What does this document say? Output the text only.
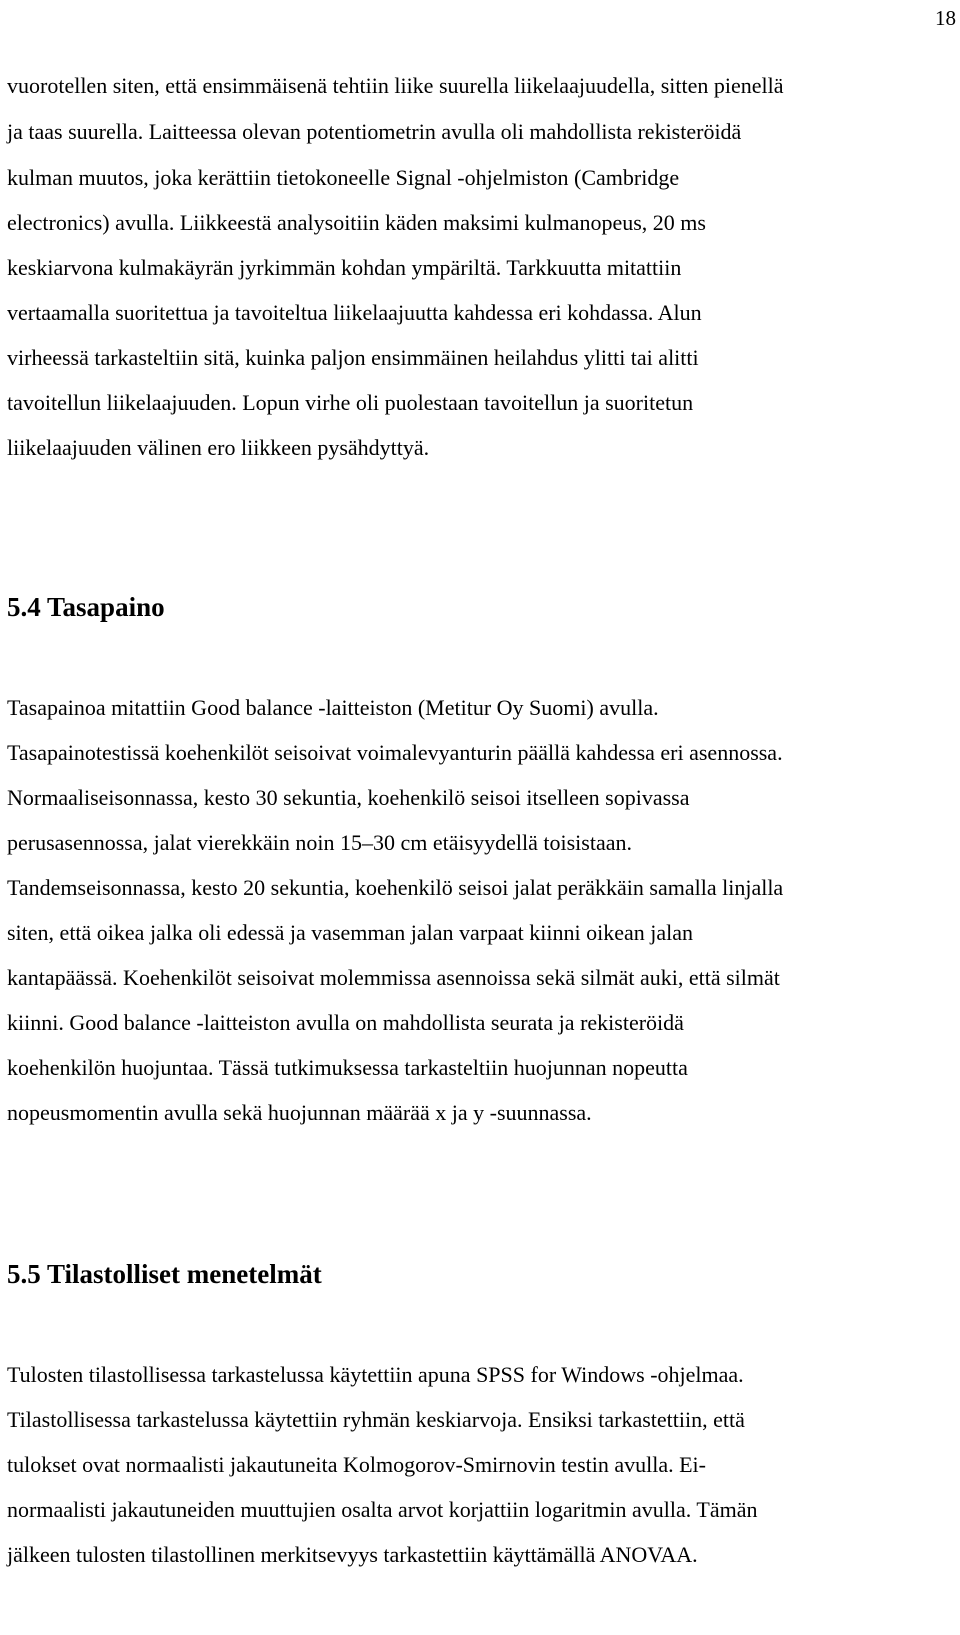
18
vuorotellen siten, että ensimmäisenä tehtiin liike suurella liikelaajuudella, sitten pienellä
ja taas suurella. Laitteessa olevan potentiometrin avulla oli mahdollista rekisteröidä
kulman muutos, joka kerättiin tietokoneelle Signal -ohjelmiston (Cambridge
electronics) avulla. Liikkeestä analysoitiin käden maksimi kulmanopeus, 20 ms
keskiarvona kulmakäyrän jyrkimmän kohdan ympäriltä. Tarkkuutta mitattiin
vertaamalla suoritettua ja tavoiteltua liikelaajuutta kahdessa eri kohdassa. Alun
virheessä tarkasteltiin sitä, kuinka paljon ensimmäinen heilahdus ylitti tai alitti
tavoitellun liikelaajuuden. Lopun virhe oli puolestaan tavoitellun ja suoritetun
liikelaajuuden välinen ero liikkeen pysähdyttyä.
5.4 Tasapaino
Tasapainoa mitattiin Good balance -laitteiston (Metitur Oy Suomi) avulla.
Tasapainotestissä koehenkilöt seisoivat voimalevyanturin päällä kahdessa eri asennossa.
Normaaliseisonnassa, kesto 30 sekuntia, koehenkilö seisoi itselleen sopivassa
perusasennossa, jalat vierekkäin noin 15–30 cm etäisyydellä toisistaan.
Tandemseisonnassa, kesto 20 sekuntia, koehenkilö seisoi jalat peräkkäin samalla linjalla
siten, että oikea jalka oli edessä ja vasemman jalan varpaat kiinni oikean jalan
kantapäässä. Koehenkilöt seisoivat molemmissa asennoissa sekä silmät auki, että silmät
kiinni. Good balance -laitteiston avulla on mahdollista seurata ja rekisteröidä
koehenkilön huojuntaa. Tässä tutkimuksessa tarkasteltiin huojunnan nopeutta
nopeusmomentin avulla sekä huojunnan määrää x ja y -suunnassa.
5.5 Tilastolliset menetelmät
Tulosten tilastollisessa tarkastelussa käytettiin apuna SPSS for Windows -ohjelmaa.
Tilastollisessa tarkastelussa käytettiin ryhmän keskiarvoja. Ensiksi tarkastettiin, että
tulokset ovat normaalisti jakautuneita Kolmogorov-Smirnovin testin avulla. Ei-
normaalisti jakautuneiden muuttujien osalta arvot korjattiin logaritmin avulla. Tämän
jälkeen tulosten tilastollinen merkitsevyys tarkastettiin käyttämällä ANOVAA.
